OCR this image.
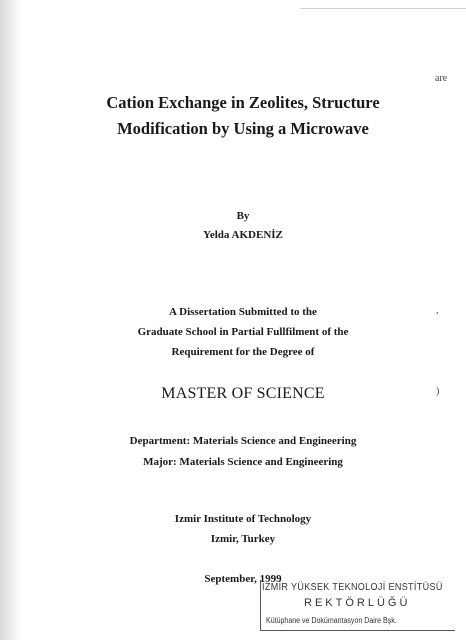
are
,
)
Cation Exchange in Zeolites, Structure
Modification by Using a Microwave
By
Yelda AKDENİZ
A Dissertation Submitted to the
Graduate School in Partial Fullfilment of the
Requirement for the Degree of
MASTER OF SCIENCE
Department: Materials Science and Engineering
Major: Materials Science and Engineering
Izmir Institute of Technology
Izmir, Turkey
September, 1999
İZMİR YÜKSEK TEKNOLOJİ ENSTİTÜSÜ
REKTÖRLÜĞÜ
Kütüphane ve Dokümantasyon Daire Bşk.
